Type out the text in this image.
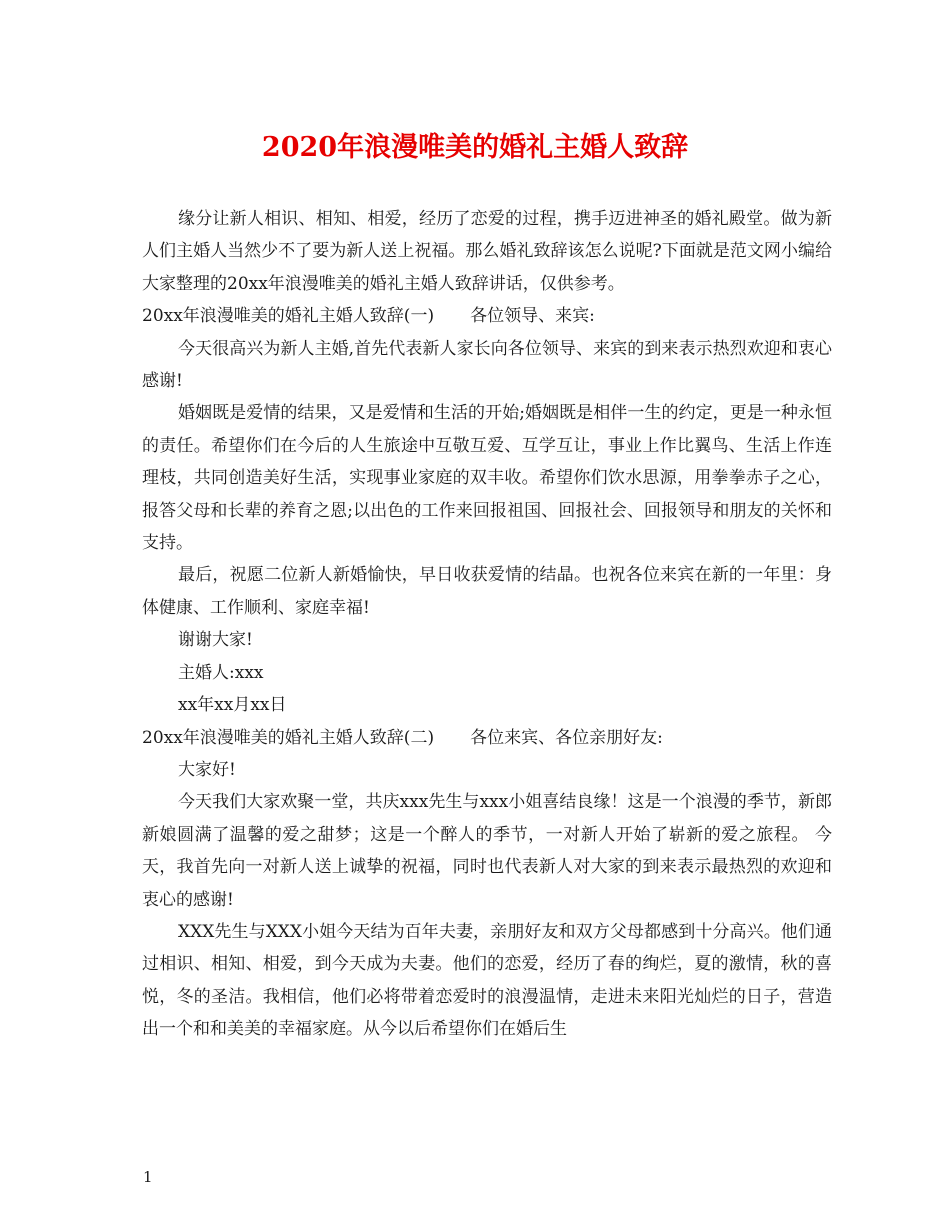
2020年浪漫唯美的婚礼主婚人致辞

缘分让新人相识、相知、相爱，经历了恋爱的过程，携手迈进神圣的婚礼殿堂。做为新人们主婚人当然少不了要为新人送上祝福。那么婚礼致辞该怎么说呢?下面就是范文网小编给大家整理的20xx年浪漫唯美的婚礼主婚人致辞讲话，仅供参考。

20xx年浪漫唯美的婚礼主婚人致辞(一) 各位领导、来宾:

今天很高兴为新人主婚,首先代表新人家长向各位领导、来宾的到来表示热烈欢迎和衷心感谢!

婚姻既是爱情的结果，又是爱情和生活的开始;婚姻既是相伴一生的约定，更是一种永恒的责任。希望你们在今后的人生旅途中互敬互爱、互学互让，事业上作比翼鸟、生活上作连理枝，共同创造美好生活，实现事业家庭的双丰收。希望你们饮水思源，用拳拳赤子之心，报答父母和长辈的养育之恩;以出色的工作来回报祖国、回报社会、回报领导和朋友的关怀和支持。

最后，祝愿二位新人新婚愉快，早日收获爱情的结晶。也祝各位来宾在新的一年里：身体健康、工作顺利、家庭幸福!

谢谢大家!

主婚人:xxx

xx年xx月xx日

20xx年浪漫唯美的婚礼主婚人致辞(二) 各位来宾、各位亲朋好友:

大家好!

今天我们大家欢聚一堂，共庆xxx先生与xxx小姐喜结良缘！这是一个浪漫的季节，新郎新娘圆满了温馨的爱之甜梦；这是一个醉人的季节，一对新人开始了崭新的爱之旅程。 今天，我首先向一对新人送上诚挚的祝福，同时也代表新人对大家的到来表示最热烈的欢迎和衷心的感谢!

XXX先生与XXX小姐今天结为百年夫妻，亲朋好友和双方父母都感到十分高兴。他们通过相识、相知、相爱，到今天成为夫妻。他们的恋爱，经历了春的绚烂，夏的激情，秋的喜悦，冬的圣洁。我相信，他们必将带着恋爱时的浪漫温情，走进未来阳光灿烂的日子，营造出一个和和美美的幸福家庭。从今以后希望你们在婚后生

1
